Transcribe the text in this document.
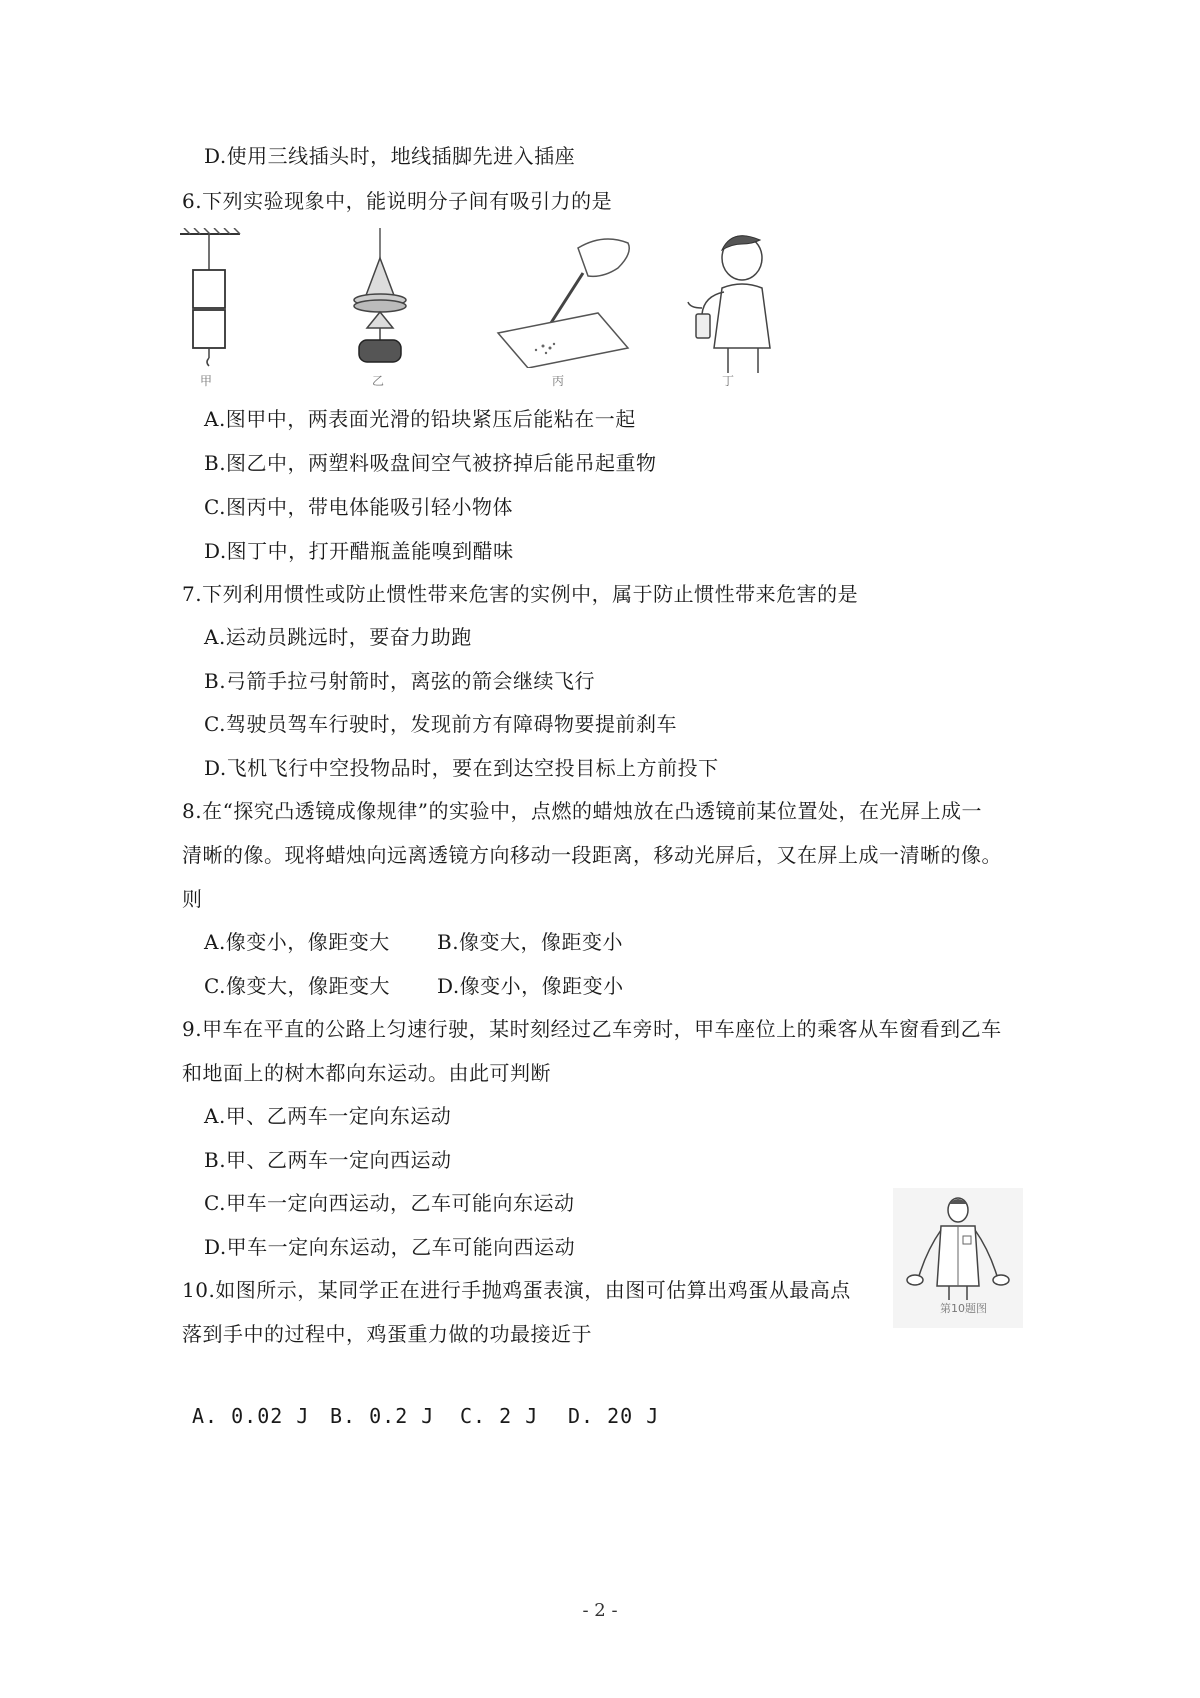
D.使用三线插头时，地线插脚先进入插座
6.下列实验现象中，能说明分子间有吸引力的是
甲	乙	丙	丁
A.图甲中，两表面光滑的铅块紧压后能粘在一起
B.图乙中，两塑料吸盘间空气被挤掉后能吊起重物
C.图丙中，带电体能吸引轻小物体
D.图丁中，打开醋瓶盖能嗅到醋味
7.下列利用惯性或防止惯性带来危害的实例中，属于防止惯性带来危害的是
A.运动员跳远时，要奋力助跑
B.弓箭手拉弓射箭时，离弦的箭会继续飞行
C.驾驶员驾车行驶时，发现前方有障碍物要提前刹车
D.飞机飞行中空投物品时，要在到达空投目标上方前投下
8.在“探究凸透镜成像规律”的实验中，点燃的蜡烛放在凸透镜前某位置处，在光屏上成一
清晰的像。现将蜡烛向远离透镜方向移动一段距离，移动光屏后，又在屏上成一清晰的像。
则
A.像变小，像距变大 B.像变大，像距变小
C.像变大，像距变大 D.像变小，像距变小
9.甲车在平直的公路上匀速行驶，某时刻经过乙车旁时，甲车座位上的乘客从车窗看到乙车
和地面上的树木都向东运动。由此可判断
A.甲、乙两车一定向东运动
B.甲、乙两车一定向西运动
C.甲车一定向西运动，乙车可能向东运动
D.甲车一定向东运动，乙车可能向西运动
第10题图
10.如图所示，某同学正在进行手抛鸡蛋表演，由图可估算出鸡蛋从最高点
落到手中的过程中，鸡蛋重力做的功最接近于
A. 0.02 J B. 0.2 J C. 2 J D. 20 J
- 2 -
